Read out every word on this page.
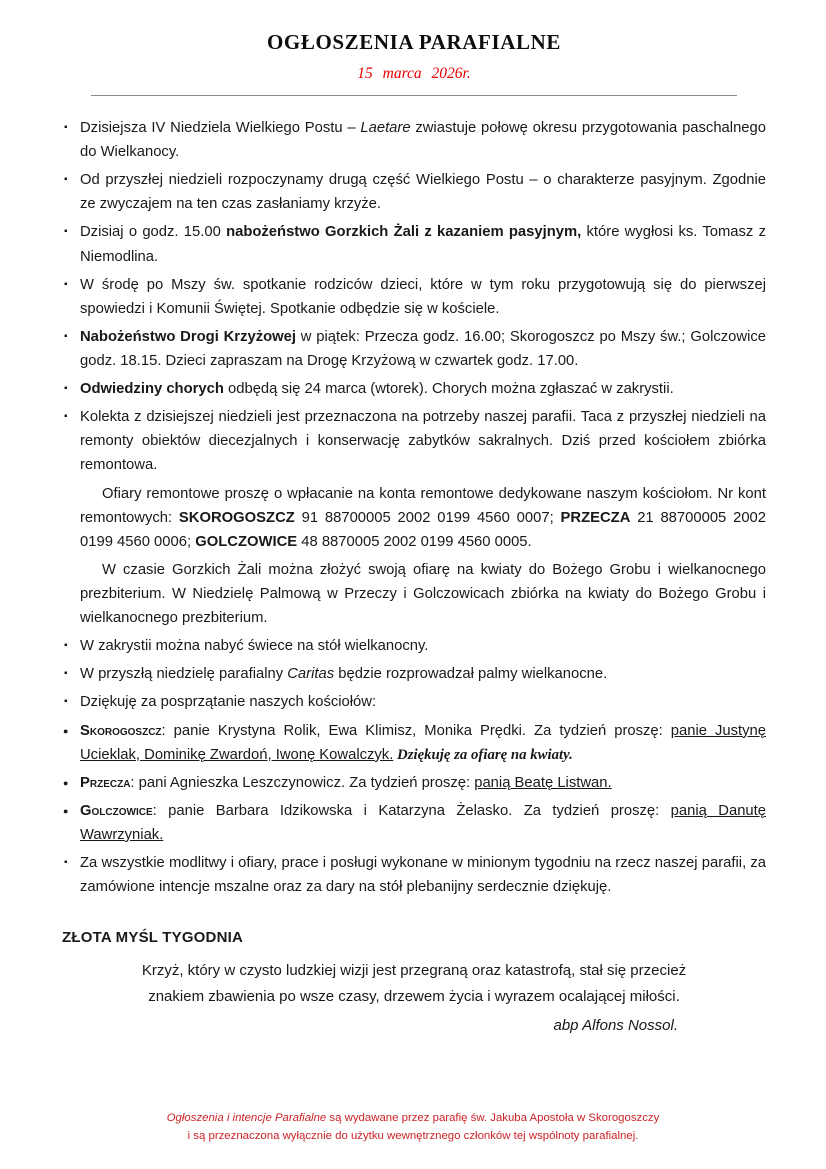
OGŁOSZENIA PARAFIALNE
15 marca 2026r.
▪ Dzisiejsza IV Niedziela Wielkiego Postu – Laetare zwiastuje połowę okresu przygotowania paschalnego do Wielkanocy.
▪ Od przyszłej niedzieli rozpoczynamy drugą część Wielkiego Postu – o charakterze pasyjnym. Zgodnie ze zwyczajem na ten czas zasłaniamy krzyże.
▪ Dzisiaj o godz. 15.00 nabożeństwo Gorzkich Żali z kazaniem pasyjnym, które wygłosi ks. Tomasz z Niemodlina.
▪ W środę po Mszy św. spotkanie rodziców dzieci, które w tym roku przygotowują się do pierwszej spowiedzi i Komunii Świętej. Spotkanie odbędzie się w kościele.
▪ Nabożeństwo Drogi Krzyżowej w piątek: Przecza godz. 16.00; Skorogoszcz po Mszy św.; Golczowice godz. 18.15. Dzieci zapraszam na Drogę Krzyżową w czwartek godz. 17.00.
▪ Odwiedziny chorych odbędą się 24 marca (wtorek). Chorych można zgłaszać w zakrystii.
▪ Kolekta z dzisiejszej niedzieli jest przeznaczona na potrzeby naszej parafii. Taca z przyszłej niedzieli na remonty obiektów diecezjalnych i konserwację zabytków sakralnych. Dziś przed kościołem zbiórka remontowa.
Ofiary remontowe proszę o wpłacanie na konta remontowe dedykowane naszym kościołom. Nr kont remontowych: SKOROGOSZCZ 91 88700005 2002 0199 4560 0007; PRZECZA 21 88700005 2002 0199 4560 0006; GOLCZOWICE 48 8870005 2002 0199 4560 0005.
W czasie Gorzkich Żali można złożyć swoją ofiarę na kwiaty do Bożego Grobu i wielkanocnego prezbiterium. W Niedzielę Palmową w Przeczy i Golczowicach zbiórka na kwiaty do Bożego Grobu i wielkanocnego prezbiterium.
▪ W zakrystii można nabyć świece na stół wielkanocny.
▪ W przyszłą niedzielę parafialny Caritas będzie rozprowadzał palmy wielkanocne.
▪ Dziękuję za posprzątanie naszych kościołów:
● Skorogoszcz: panie Krystyna Rolik, Ewa Klimisz, Monika Prędki. Za tydzień proszę: panie Justynę Ucieklak, Dominikę Zwardoń, Iwonę Kowalczyk. Dziękuję za ofiarę na kwiaty.
● Przecza: pani Agnieszka Leszczynowicz. Za tydzień proszę: panią Beatę Listwan.
● Golczowice: panie Barbara Idzikowska i Katarzyna Żelasko. Za tydzień proszę: panią Danutę Wawrzyniak.
▪ Za wszystkie modlitwy i ofiary, prace i posługi wykonane w minionym tygodniu na rzecz naszej parafii, za zamówione intencje mszalne oraz za dary na stół plebanijny serdecznie dziękuję.
ZŁOTA MYŚL TYGODNIA
Krzyż, który w czysto ludzkiej wizji jest przegraną oraz katastrofą, stał się przecież znakiem zbawienia po wsze czasy, drzewem życia i wyrazem ocalającej miłości.
abp Alfons Nossol.
Ogłoszenia i intencje Parafialne są wydawane przez parafię św. Jakuba Apostoła w Skorogoszczy
i są przeznaczona wyłącznie do użytku wewnętrznego członków tej wspólnoty parafialnej.
